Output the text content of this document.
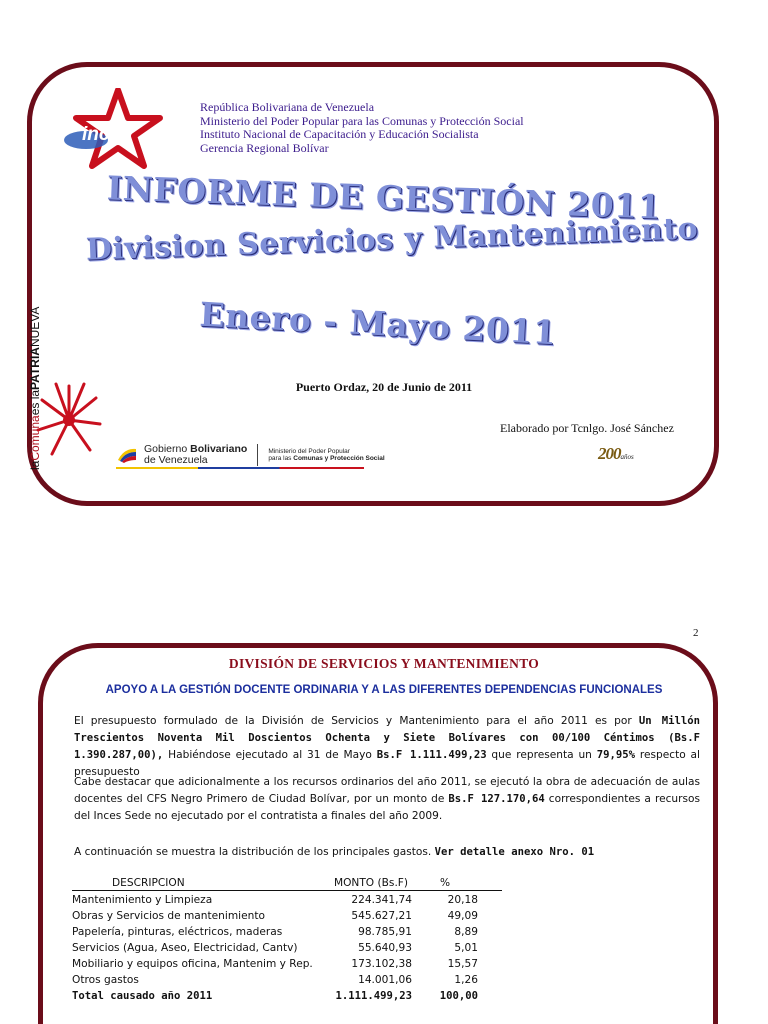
inces
República Bolivariana de Venezuela
Ministerio del Poder Popular para las Comunas y Protección Social
Instituto Nacional de Capacitación y Educación Socialista
Gerencia Regional Bolívar
INFORME DE GESTIÓN 2011
Division Servicios y Mantenimiento
Enero - Mayo 2011
Puerto Ordaz, 20 de Junio de 2011
Elaborado por Tcnlgo. José Sánchez
laComunaes laPATRIANUEVA
Gobierno Bolivariano
de Venezuela
Ministerio del Poder Popular
para las Comunas y Protección Social	200años
2
DIVISIÓN DE SERVICIOS Y MANTENIMIENTO
APOYO A LA GESTIÓN DOCENTE ORDINARIA Y A LAS DIFERENTES DEPENDENCIAS FUNCIONALES
El presupuesto formulado de la División de Servicios y Mantenimiento para el año 2011 es por Un Millón Trescientos Noventa Mil Doscientos Ochenta y Siete Bolívares con 00/100 Céntimos (Bs.F 1.390.287,00), Habiéndose ejecutado al 31 de Mayo Bs.F 1.111.499,23 que representa un 79,95% respecto al presupuesto
Cabe destacar que adicionalmente a los recursos ordinarios del año 2011, se ejecutó la obra de adecuación de aulas docentes del CFS Negro Primero de Ciudad Bolívar, por un monto de Bs.F 127.170,64 correspondientes a recursos del Inces Sede no ejecutado por el contratista a finales del año 2009.
A continuación se muestra la distribución de los principales gastos. Ver detalle anexo Nro. 01
DESCRIPCION	MONTO (Bs.F)	%
Mantenimiento y Limpieza	224.341,74	20,18
Obras y Servicios de mantenimiento	545.627,21	49,09
Papelería, pinturas, eléctricos, maderas	98.785,91	8,89
Servicios (Agua, Aseo, Electricidad, Cantv)	55.640,93	5,01
Mobiliario y equipos oficina, Mantenim y Rep.	173.102,38	15,57
Otros gastos	14.001,06	1,26
Total causado año 2011	1.111.499,23	100,00
